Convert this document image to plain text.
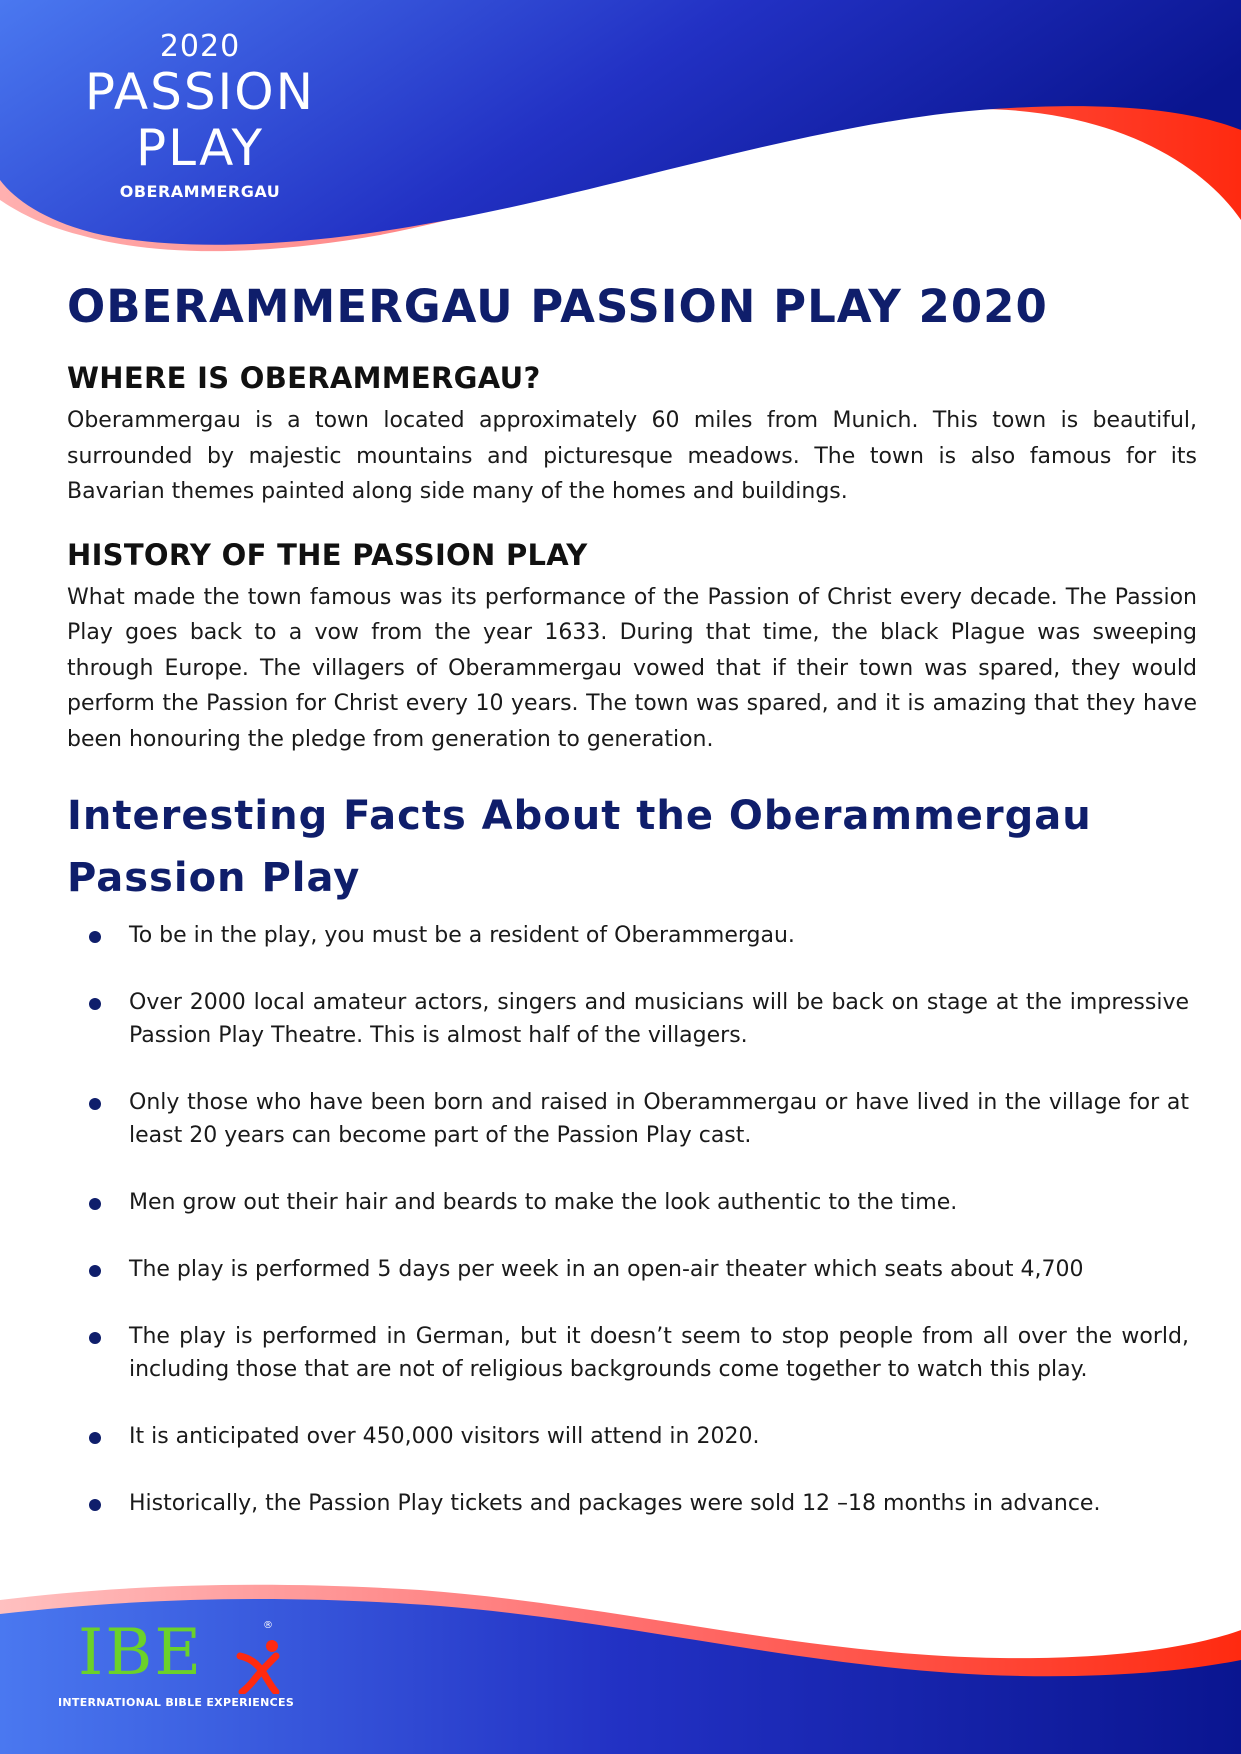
2020
PASSION
PLAY
OBERAMMERGAU
OBERAMMERGAU PASSION PLAY 2020
WHERE IS OBERAMMERGAU?

Oberammergau is a town located approximately 60 miles from Munich. This town is beautiful, surrounded by majestic mountains and picturesque meadows. The town is also famous for its Bavarian themes painted along side many of the homes and buildings.

HISTORY OF THE PASSION PLAY

What made the town famous was its performance of the Passion of Christ every decade. The Passion Play goes back to a vow from the year 1633. During that time, the black Plague was sweeping through Europe. The villagers of Oberammergau vowed that if their town was spared, they would perform the Passion for Christ every 10 years. The town was spared, and it is amazing that they have been honouring the pledge from generation to generation.

Interesting Facts About the Oberammergau
Passion Play
To be in the play, you must be a resident of Oberammergau.
Over 2000 local amateur actors, singers and musicians will be back on stage at the impressive Passion Play Theatre. This is almost half of the villagers.
Only those who have been born and raised in Oberammergau or have lived in the village for at least 20 years can become part of the Passion Play cast.
Men grow out their hair and beards to make the look authentic to the time.
The play is performed 5 days per week in an open-air theater which seats about 4,700
The play is performed in German, but it doesn’t seem to stop people from all over the world, including those that are not of religious backgrounds come together to watch this play.
It is anticipated over 450,000 visitors will attend in 2020.
Historically, the Passion Play tickets and packages were sold 12 –18 months in advance.
IBE	®
INTERNATIONAL BIBLE EXPERIENCES
